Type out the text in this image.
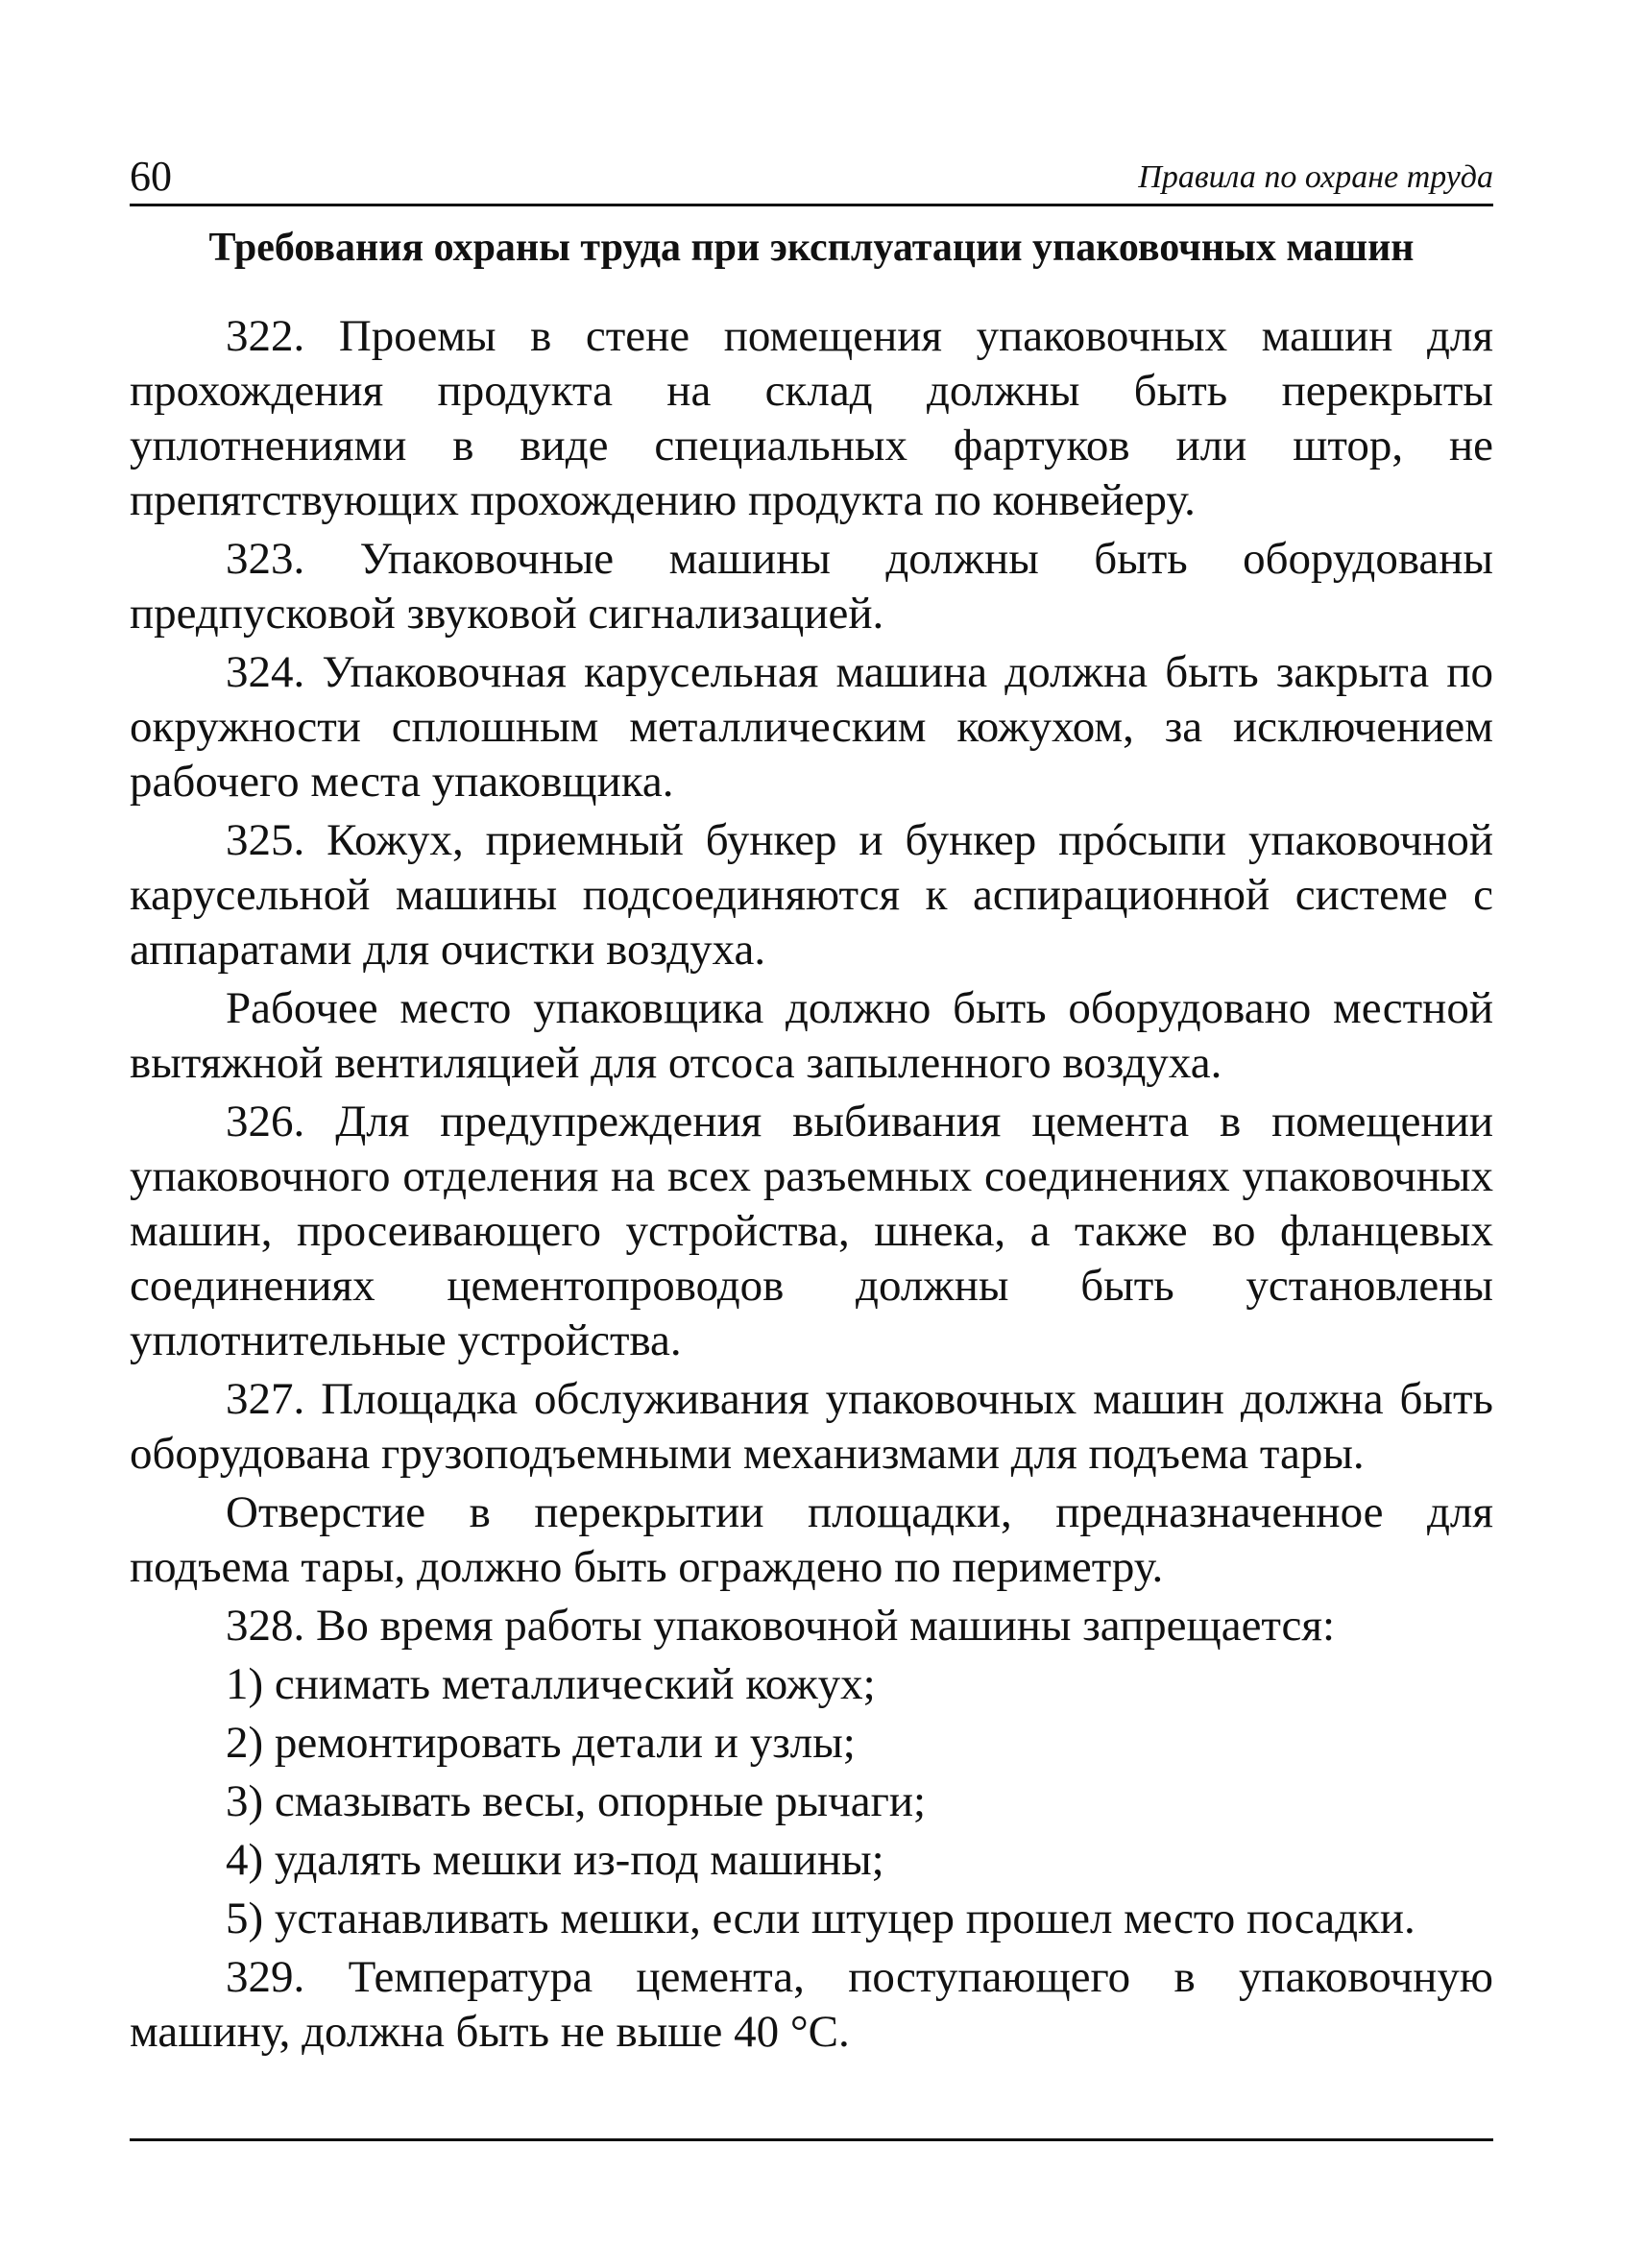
60	Правила по охране труда
Требования охраны труда при эксплуатации упаковочных машин

322. Проемы в стене помещения упаковочных машин для прохождения продукта на склад должны быть перекрыты уплотнениями в виде специальных фартуков или штор, не препятствующих прохождению продукта по конвейеру.

323. Упаковочные машины должны быть оборудованы предпусковой звуковой сигнализацией.

324. Упаковочная карусельная машина должна быть закрыта по окружности сплошным металлическим кожухом, за исключением рабочего места упаковщика.

325. Кожух, приемный бункер и бункер прóсыпи упаковочной карусельной машины подсоединяются к аспирационной системе с аппаратами для очистки воздуха.

Рабочее место упаковщика должно быть оборудовано местной вытяжной вентиляцией для отсоса запыленного воздуха.

326. Для предупреждения выбивания цемента в помещении упаковочного отделения на всех разъемных соединениях упаковочных машин, просеивающего устройства, шнека, а также во фланцевых соединениях цементопроводов должны быть установлены уплотнительные устройства.

327. Площадка обслуживания упаковочных машин должна быть оборудована грузоподъемными механизмами для подъема тары.

Отверстие в перекрытии площадки, предназначенное для подъема тары, должно быть ограждено по периметру.

328. Во время работы упаковочной машины запрещается:

1) снимать металлический кожух;

2) ремонтировать детали и узлы;

3) смазывать весы, опорные рычаги;

4) удалять мешки из-под машины;

5) устанавливать мешки, если штуцер прошел место посадки.

329. Температура цемента, поступающего в упаковочную машину, должна быть не выше 40 °С.
